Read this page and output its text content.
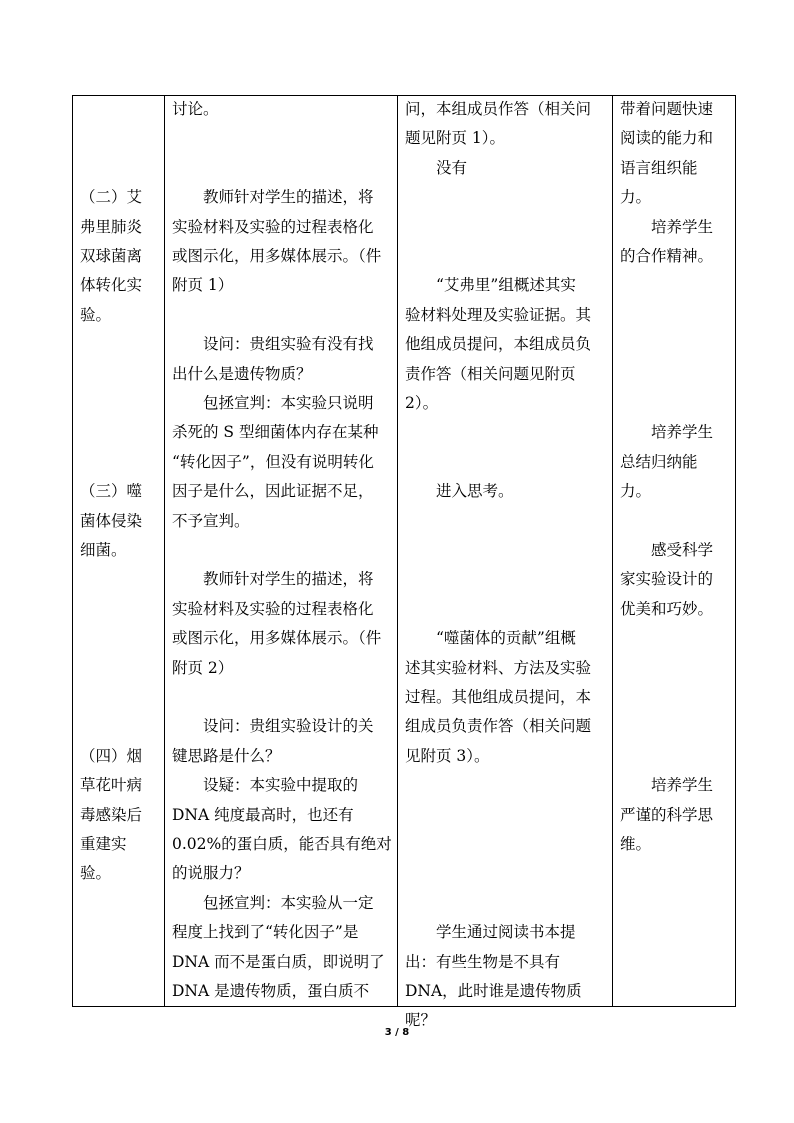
（二）艾

弗里肺炎

双球菌离

体转化实

验。

（三）噬

菌体侵染

细菌。

（四）烟

草花叶病

毒感染后

重建实

验。

讨论。

　　教师针对学生的描述，将

实验材料及实验的过程表格化

或图示化，用多媒体展示。（件

附页 1）

　　设问：贵组实验有没有找

出什么是遗传物质？

　　包拯宣判：本实验只说明

杀死的 S 型细菌体内存在某种

“转化因子”，但没有说明转化

因子是什么，因此证据不足，

不予宣判。

　　教师针对学生的描述，将

实验材料及实验的过程表格化

或图示化，用多媒体展示。（件

附页 2）

　　设问：贵组实验设计的关

键思路是什么？

　　设疑：本实验中提取的

DNA 纯度最高时，也还有

0.02%的蛋白质，能否具有绝对

的说服力？

　　包拯宣判：本实验从一定

程度上找到了“转化因子”是

DNA 而不是蛋白质，即说明了

DNA 是遗传物质，蛋白质不

问，本组成员作答（相关问

题见附页 1）。

　　没有

　　“艾弗里”组概述其实

验材料处理及实验证据。其

他组成员提问，本组成员负

责作答（相关问题见附页

2）。

　　进入思考。

　　“噬菌体的贡献”组概

述其实验材料、方法及实验

过程。其他组成员提问，本

组成员负责作答（相关问题

见附页 3）。

　　学生通过阅读书本提

出：有些生物是不具有

DNA，此时谁是遗传物质

呢？

带着问题快速

阅读的能力和

语言组织能

力。

　　培养学生

的合作精神。

　　培养学生

总结归纳能

力。

　　感受科学

家实验设计的

优美和巧妙。

　　培养学生

严谨的科学思

维。

3 / 8
